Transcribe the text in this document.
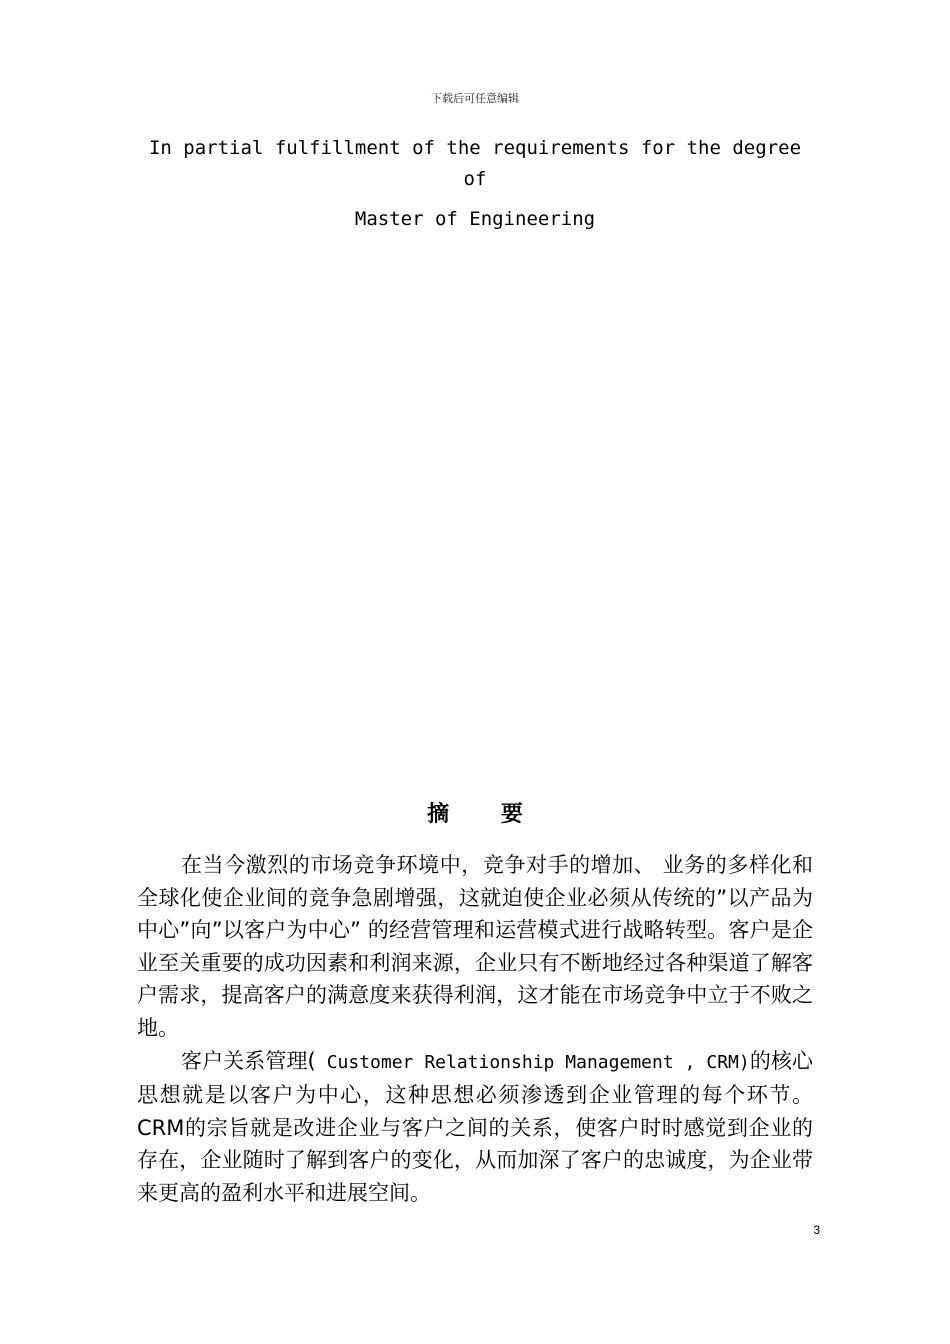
下载后可任意编辑
In partial fulfillment of the requirements for the degree
of
Master of Engineering
摘 要

在当今激烈的市场竞争环境中，竞争对手的增加、 业务的多样化和全球化使企业间的竞争急剧增强，这就迫使企业必须从传统的”以产品为中心”向”以客户为中心” 的经营管理和运营模式进行战略转型。客户是企业至关重要的成功因素和利润来源，企业只有不断地经过各种渠道了解客户需求，提高客户的满意度来获得利润，这才能在市场竞争中立于不败之地。

客户关系管理( Customer Relationship Management , CRM)的核心思想就是以客户为中心，这种思想必须渗透到企业管理的每个环节。CRM的宗旨就是改进企业与客户之间的关系，使客户时时感觉到企业的存在，企业随时了解到客户的变化，从而加深了客户的忠诚度，为企业带来更高的盈利水平和进展空间。

3
